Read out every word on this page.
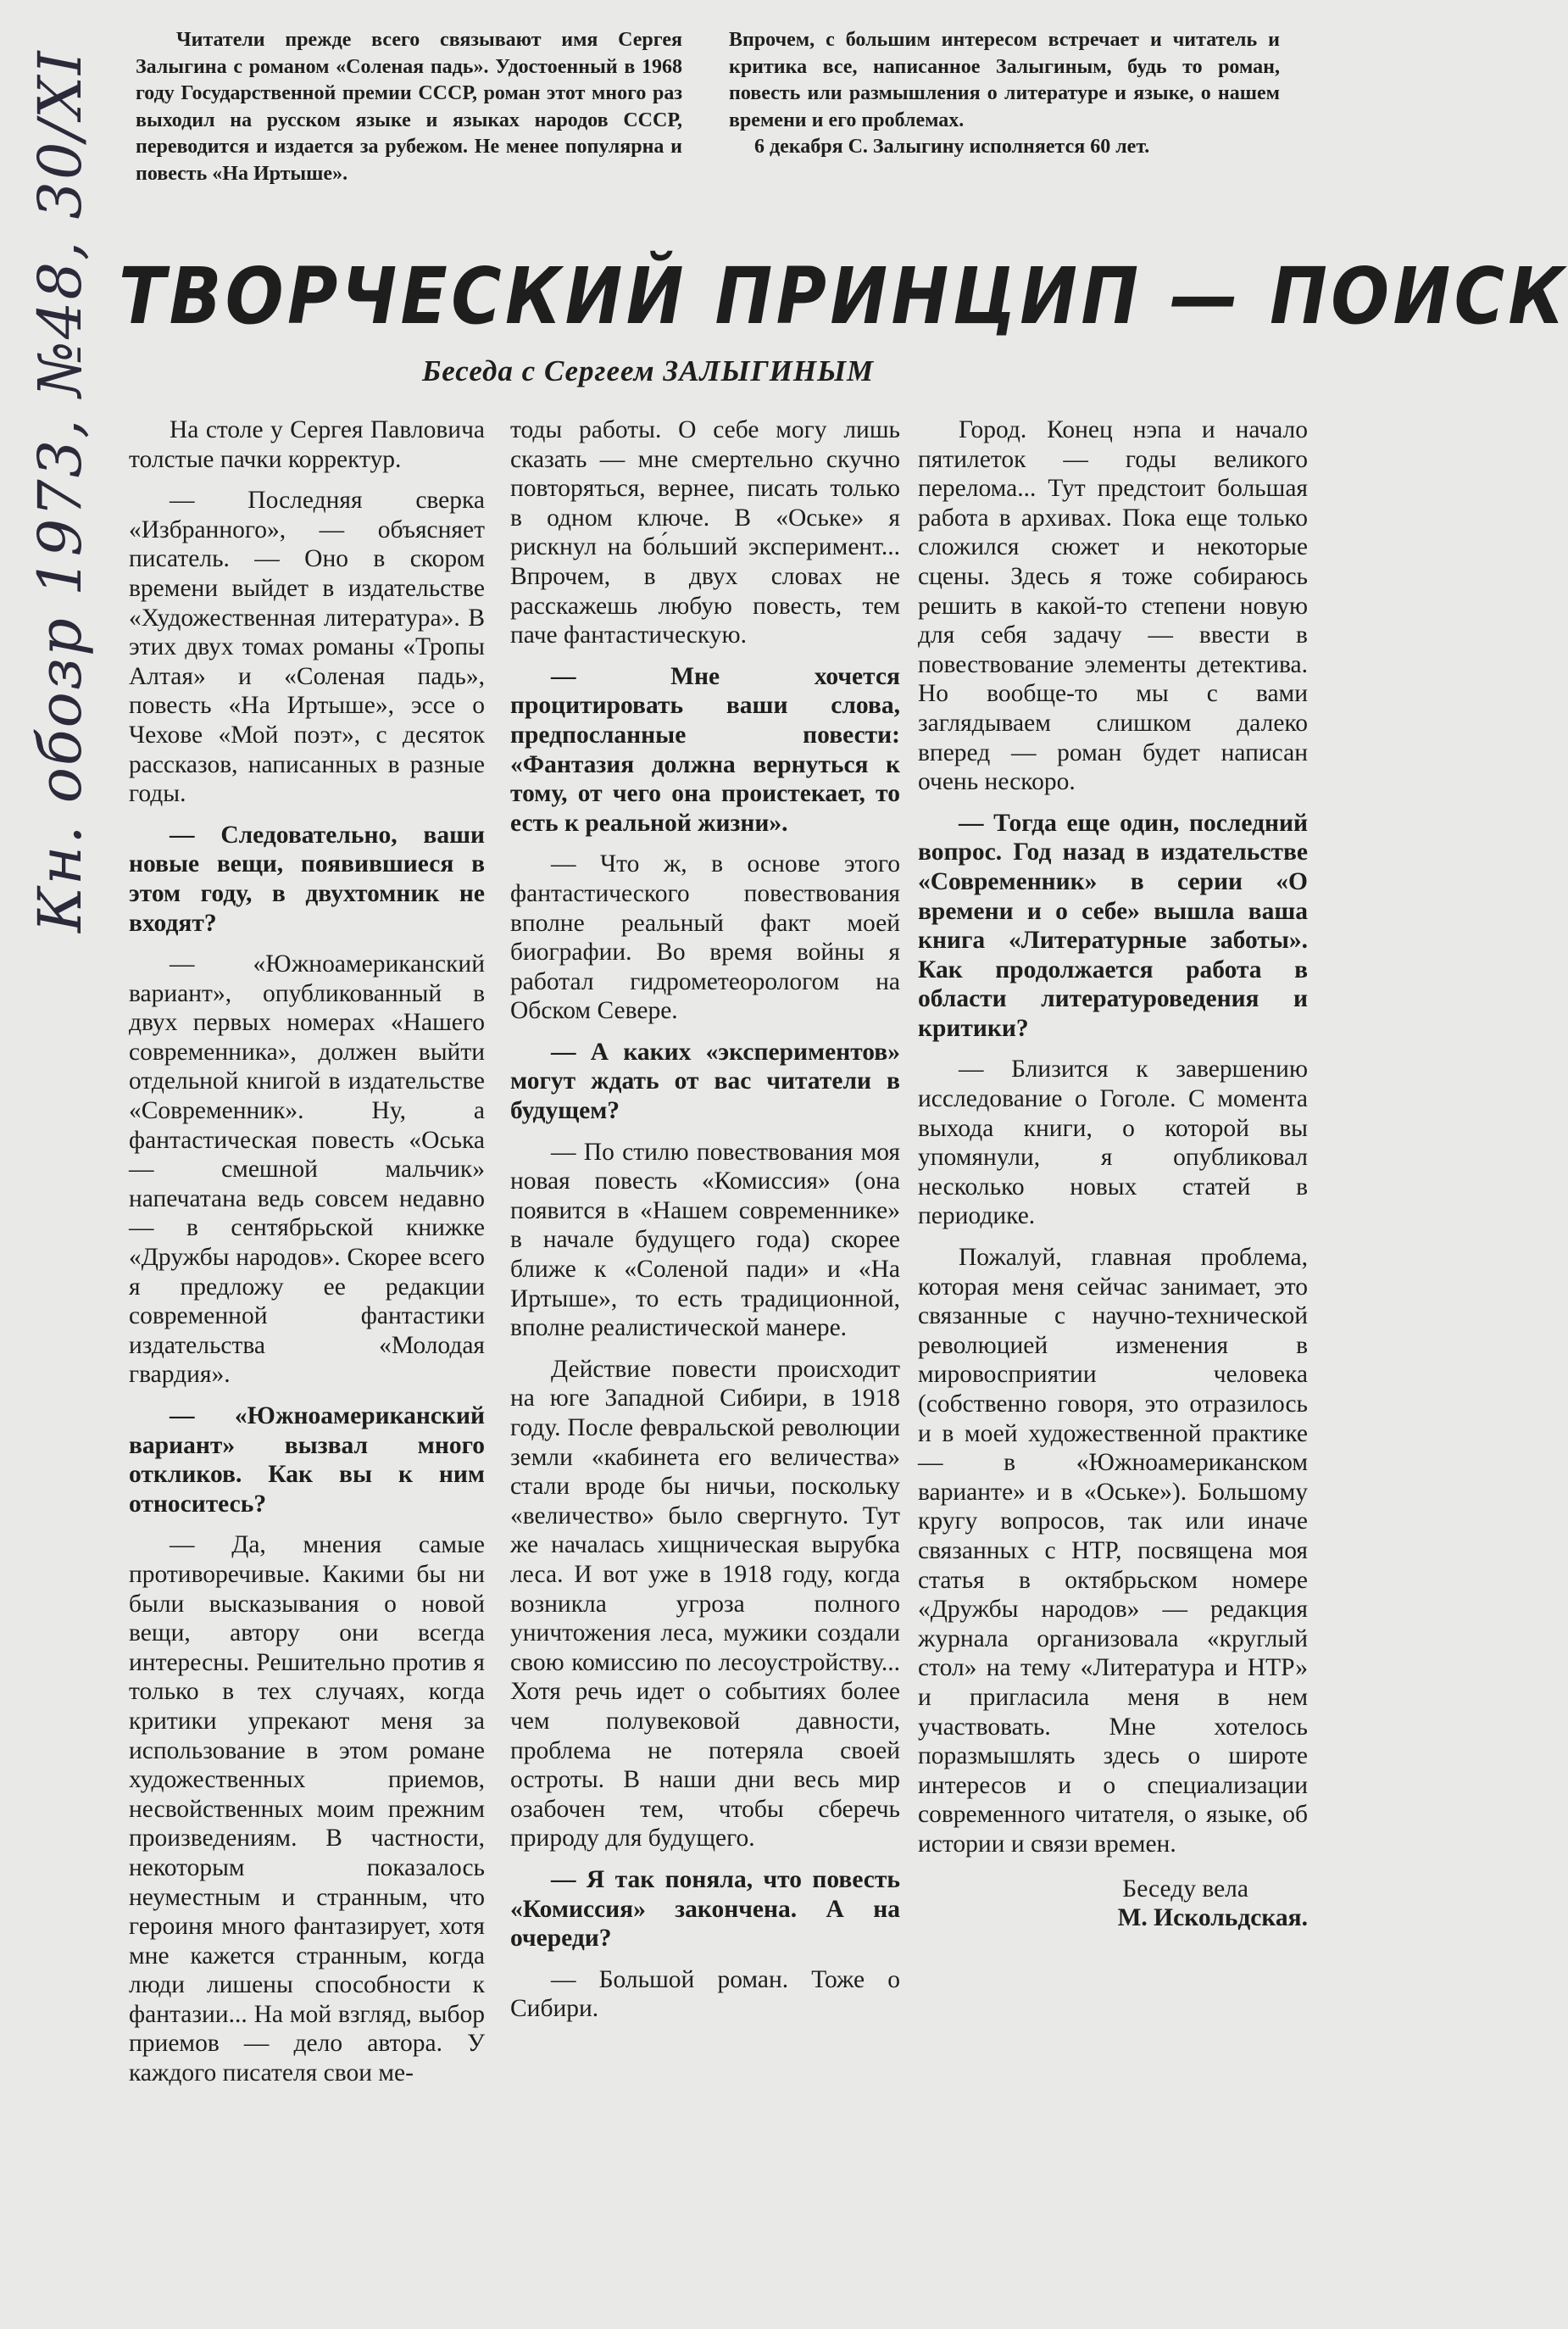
Читатели прежде всего связывают имя Сергея Залыгина с романом «Соленая падь». Удостоенный в 1968 году Государственной премии СССР, роман этот много раз выходил на русском языке и языках народов СССР, переводится и издается за рубежом. Не менее популярна и повесть «На Иртыше».

Впрочем, с большим интересом встречает и читатель и критика все, написанное Залыгиным, будь то роман, повесть или размышления о литературе и языке, о нашем времени и его проблемах.

6 декабря С. Залыгину исполняется 60 лет.

ТВОРЧЕСКИЙ ПРИНЦИП — ПОИСК
Беседа с Сергеем ЗАЛЫГИНЫМ
Кн. обозр 1973, №48, 30/XI	На столе у Сергея Павловича толстые пачки корректур.

— Последняя сверка «Избранного», — объясняет писатель. — Оно в скором времени выйдет в издательстве «Художественная литература». В этих двух томах романы «Тропы Алтая» и «Соленая падь», повесть «На Иртыше», эссе о Чехове «Мой поэт», с десяток рассказов, написанных в разные годы.

— Следовательно, ваши новые вещи, появившиеся в этом году, в двухтомник не входят?

— «Южноамериканский вариант», опубликованный в двух первых номерах «Нашего современника», должен выйти отдельной книгой в издательстве «Современник». Ну, а фантастическая повесть «Оська — смешной мальчик» напечатана ведь совсем недавно — в сентябрьской книжке «Дружбы народов». Скорее всего я предложу ее редакции современной фантастики издательства «Молодая гвардия».

— «Южноамериканский вариант» вызвал много откликов. Как вы к ним относитесь?

— Да, мнения самые противоречивые. Какими бы ни были высказывания о новой вещи, автору они всегда интересны. Решительно против я только в тех случаях, когда критики упрекают меня за использование в этом романе художественных приемов, несвойственных моим прежним произведениям. В частности, некоторым показалось неуместным и странным, что героиня много фантазирует, хотя мне кажется странным, когда люди лишены способности к фантазии... На мой взгляд, выбор приемов — дело автора. У каждого писателя свои ме-

тоды работы. О себе могу лишь сказать — мне смертельно скучно повторяться, вернее, писать только в одном ключе. В «Оське» я рискнул на бо́льший эксперимент... Впрочем, в двух словах не расскажешь любую повесть, тем паче фантастическую.

— Мне хочется процитировать ваши слова, предпосланные повести: «Фантазия должна вернуться к тому, от чего она проистекает, то есть к реальной жизни».

— Что ж, в основе этого фантастического повествования вполне реальный факт моей биографии. Во время войны я работал гидрометеорологом на Обском Севере.

— А каких «экспериментов» могут ждать от вас читатели в будущем?

— По стилю повествования моя новая повесть «Комиссия» (она появится в «Нашем современнике» в начале будущего года) скорее ближе к «Соленой пади» и «На Иртыше», то есть традиционной, вполне реалистической манере.

Действие повести происходит на юге Западной Сибири, в 1918 году. После февральской революции земли «кабинета его величества» стали вроде бы ничьи, поскольку «величество» было свергнуто. Тут же началась хищническая вырубка леса. И вот уже в 1918 году, когда возникла угроза полного уничтожения леса, мужики создали свою комиссию по лесоустройству... Хотя речь идет о событиях более чем полувековой давности, проблема не потеряла своей остроты. В наши дни весь мир озабочен тем, чтобы сберечь природу для будущего.

— Я так поняла, что повесть «Комиссия» закончена. А на очереди?

— Большой роман. Тоже о Сибири.

Город. Конец нэпа и начало пятилеток — годы великого перелома... Тут предстоит большая работа в архивах. Пока еще только сложился сюжет и некоторые сцены. Здесь я тоже собираюсь решить в какой-то степени новую для себя задачу — ввести в повествование элементы детектива. Но вообще-то мы с вами заглядываем слишком далеко вперед — роман будет написан очень нескоро.

— Тогда еще один, последний вопрос. Год назад в издательстве «Современник» в серии «О времени и о себе» вышла ваша книга «Литературные заботы». Как продолжается работа в области литературоведения и критики?

— Близится к завершению исследование о Гоголе. С момента выхода книги, о которой вы упомянули, я опубликовал несколько новых статей в периодике.

Пожалуй, главная проблема, которая меня сейчас занимает, это связанные с научно-технической революцией изменения в мировосприятии человека (собственно говоря, это отразилось и в моей художественной практике — в «Южноамериканском варианте» и в «Оське»). Большому кругу вопросов, так или иначе связанных с НТР, посвящена моя статья в октябрьском номере «Дружбы народов» — редакция журнала организовала «круглый стол» на тему «Литература и НТР» и пригласила меня в нем участвовать. Мне хотелось поразмышлять здесь о широте интересов и о специализации современного читателя, о языке, об истории и связи времен.

Беседу вела
М. Искольдская.
